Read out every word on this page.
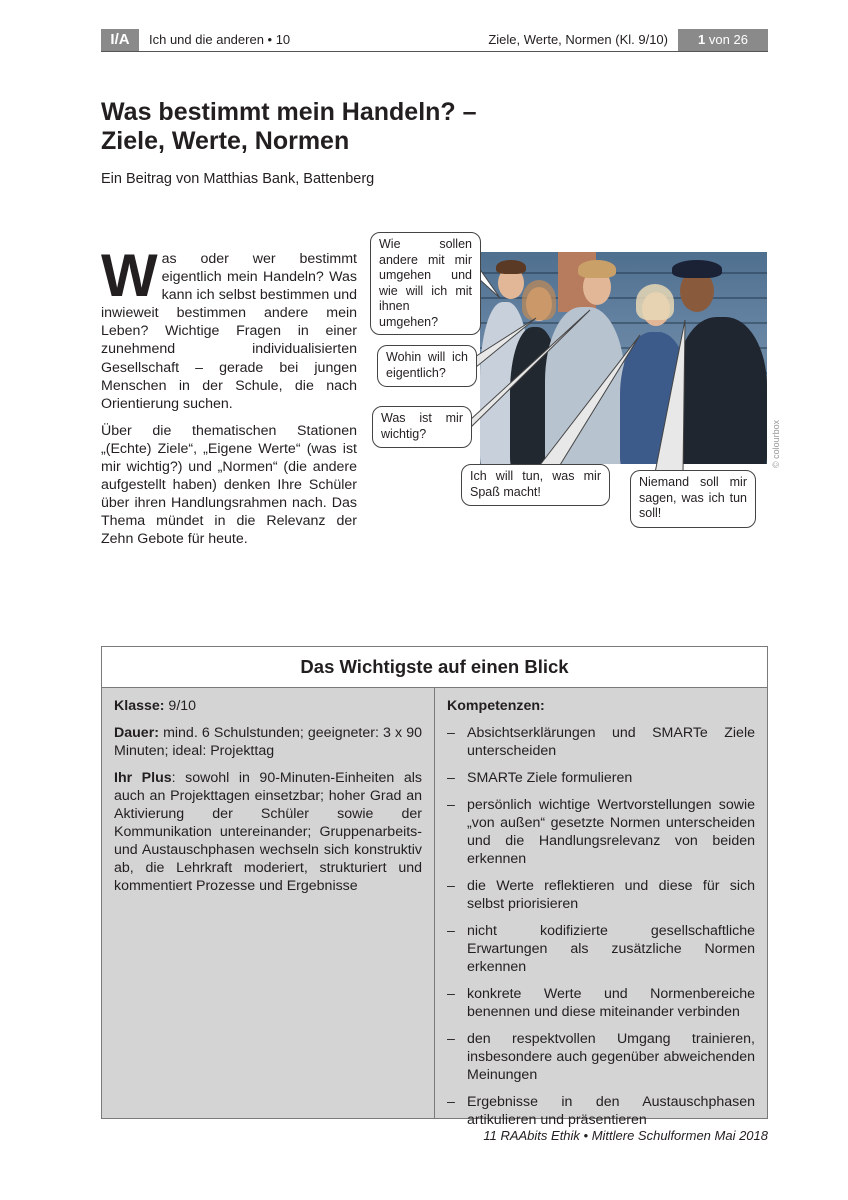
I/A	Ich und die anderen • 10	Ziele, Werte, Normen (Kl. 9/10)	1 von 26
Was bestimmt mein Handeln? –
Ziele, Werte, Normen
Ein Beitrag von Matthias Bank, Battenberg

Was oder wer bestimmt eigentlich mein Handeln? Was kann ich selbst bestimmen und inwieweit bestimmen andere mein Leben? Wichtige Fragen in einer zunehmend individualisierten Gesellschaft – gerade bei jungen Menschen in der Schule, die nach Orientierung suchen.

Über die thematischen Stationen „(Echte) Ziele“, „Eigene Werte“ (was ist mir wichtig?) und „Normen“ (die andere aufgestellt haben) denken Ihre Schüler über ihren Handlungsrahmen nach. Das Thema mündet in die Relevanz der Zehn Gebote für heute.

© colourbox
Wie sollen andere mit mir umgehen und wie will ich mit ihnen umgehen?
Wohin will ich eigentlich?
Was ist mir wichtig?
Ich will tun, was mir Spaß macht!
Niemand soll mir sagen, was ich tun soll!
Das Wichtigste auf einen Blick

Klasse: 9/10

Dauer: mind. 6 Schulstunden; geeigneter: 3 x 90 Minuten; ideal: Projekttag

Ihr Plus: sowohl in 90-Minuten-Einheiten als auch an Projekttagen einsetzbar; hoher Grad an Aktivierung der Schüler sowie der Kommunikation untereinander; Gruppenarbeits- und Austauschphasen wechseln sich konstruktiv ab, die Lehrkraft moderiert, strukturiert und kommentiert Prozesse und Ergebnisse

Kompetenzen:
– Absichtserklärungen und SMARTe Ziele unterscheiden
– SMARTe Ziele formulieren
– persönlich wichtige Wertvorstellungen sowie „von außen“ gesetzte Normen unterscheiden und die Handlungsrelevanz von beiden erkennen
– die Werte reflektieren und diese für sich selbst priorisieren
– nicht kodifizierte gesellschaftliche Erwartungen als zusätzliche Normen erkennen
– konkrete Werte und Normenbereiche benennen und diese miteinander verbinden
– den respektvollen Umgang trainieren, insbesondere auch gegenüber abweichenden Meinungen
– Ergebnisse in den Austauschphasen artikulieren und präsentieren
11 RAAbits Ethik • Mittlere Schulformen Mai 2018
